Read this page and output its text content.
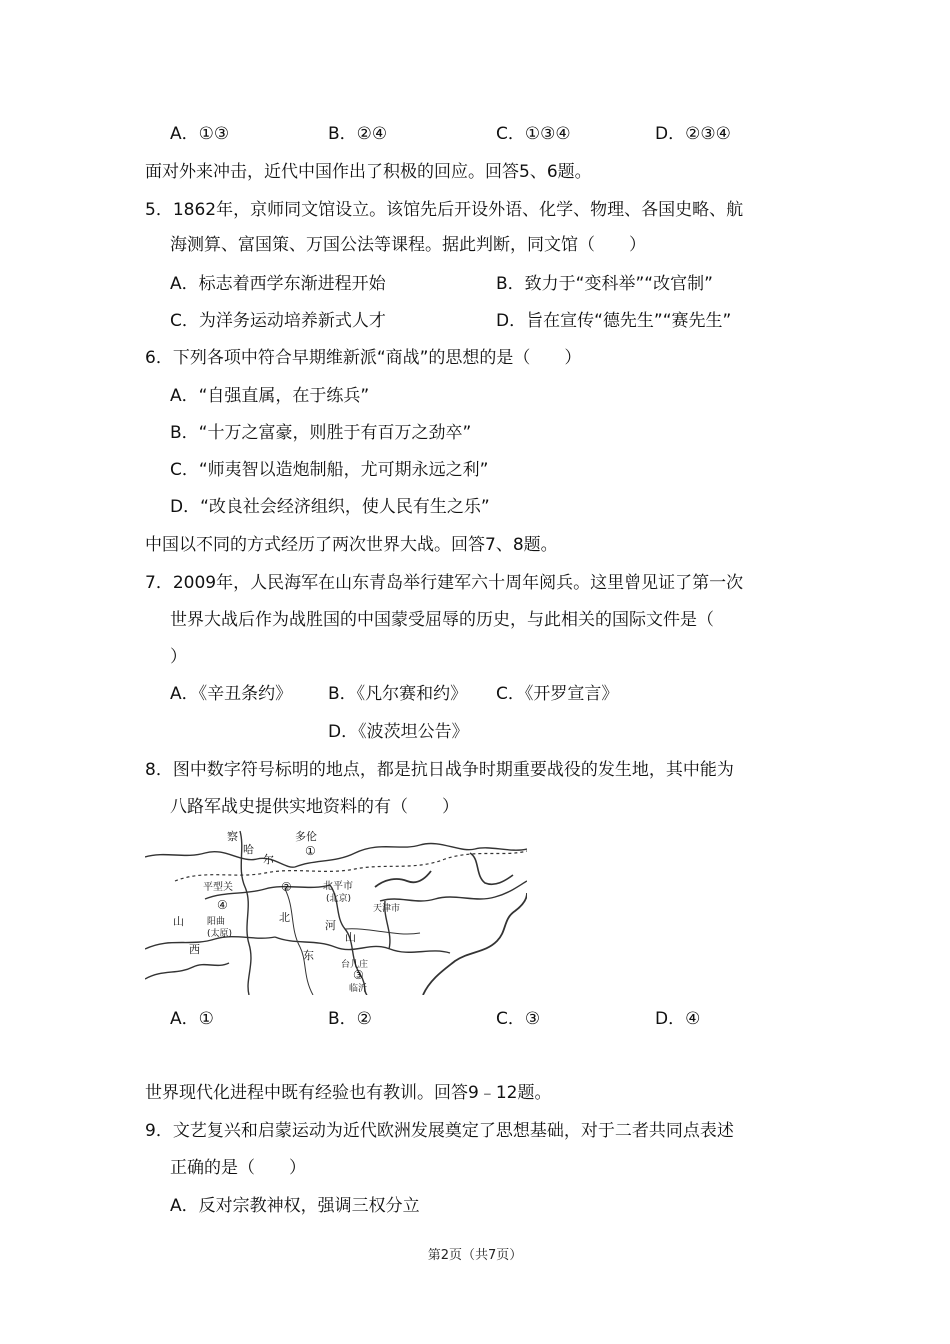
A．①③	B．②④	C．①③④	D．②③④
面对外来冲击，近代中国作出了积极的回应。回答5、6题。
5．1862年，京师同文馆设立。该馆先后开设外语、化学、物理、各国史略、航
海测算、富国策、万国公法等课程。据此判断，同文馆（　　）
A．标志着西学东渐进程开始	B．致力于“变科举”“改官制”
C．为洋务运动培养新式人才	D．旨在宣传“德先生”“赛先生”
6．下列各项中符合早期维新派“商战”的思想的是（　　）
A．“自强直属，在于练兵”
B．“十万之富豪，则胜于有百万之劲卒”
C．“师夷智以造炮制船，尤可期永远之利”
D．“改良社会经济组织，使人民有生之乐”
中国以不同的方式经历了两次世界大战。回答7、8题。
7．2009年，人民海军在山东青岛举行建军六十周年阅兵。这里曾见证了第一次
世界大战后作为战胜国的中国蒙受屈辱的历史，与此相关的国际文件是（
）
A．《辛丑条约》 B．《凡尔赛和约》 C．《开罗宣言》
D．《波茨坦公告》
8．图中数字符号标明的地点，都是抗日战争时期重要战役的发生地，其中能为
八路军战史提供实地资料的有（　　）
察	多伦
哈
尔
平型关	北平市
(北京)
天津市
山	阳曲
(太原)
西
北
河
山
东
台儿庄
临沂
①
②
③
④
A．①	B．②	C．③	D．④
世界现代化进程中既有经验也有教训。回答9﹣12题。
9．文艺复兴和启蒙运动为近代欧洲发展奠定了思想基础，对于二者共同点表述
正确的是（　　）
A．反对宗教神权，强调三权分立
第2页（共7页）
